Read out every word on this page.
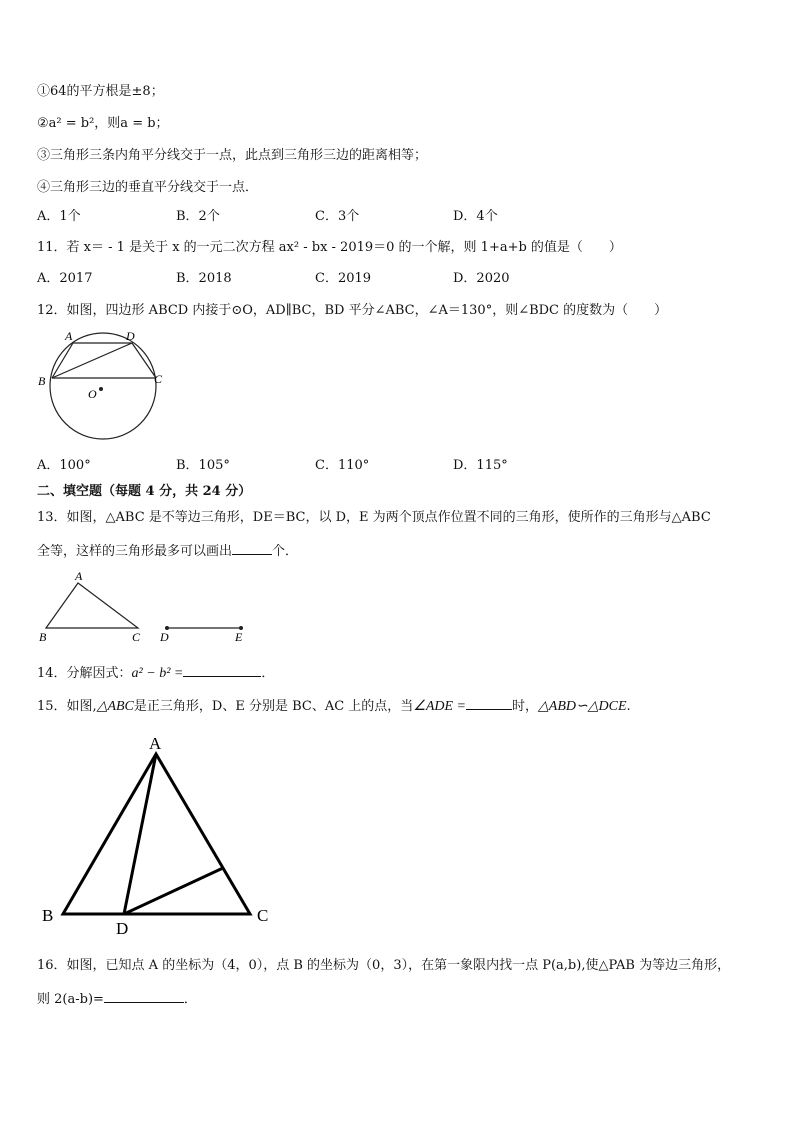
①64的平方根是±8；
②a² = b²，则a = b；
③三角形三条内角平分线交于一点，此点到三角形三边的距离相等；
④三角形三边的垂直平分线交于一点．
A．1个	B．2个	C．3个	D．4个
11．若 x＝ - 1 是关于 x 的一元二次方程 ax² - bx - 2019＝0 的一个解，则 1+a+b 的值是（　　）
A．2017	B．2018	C．2019	D．2020
12．如图，四边形 ABCD 内接于⊙O，AD∥BC，BD 平分∠ABC，∠A＝130°，则∠BDC 的度数为（　　）
A	D
B	C
O
A．100°	B．105°	C．110°	D．115°
二、填空题（每题 4 分，共 24 分）
13．如图，△ABC 是不等边三角形，DE＝BC，以 D，E 为两个顶点作位置不同的三角形，使所作的三角形与△ABC
全等，这样的三角形最多可以画出	个．
A
B	C D	E
14．分解因式：a² − b² =	．
15．如图,△ABC是正三角形，D、E 分别是 BC、AC 上的点，当∠ADE =	时，△ABD∽△DCE.
A
B	C
D
16．如图，已知点 A 的坐标为（4，0），点 B 的坐标为（0，3），在第一象限内找一点 P(a,b),使△PAB 为等边三角形，
则 2(a-b)=	．
